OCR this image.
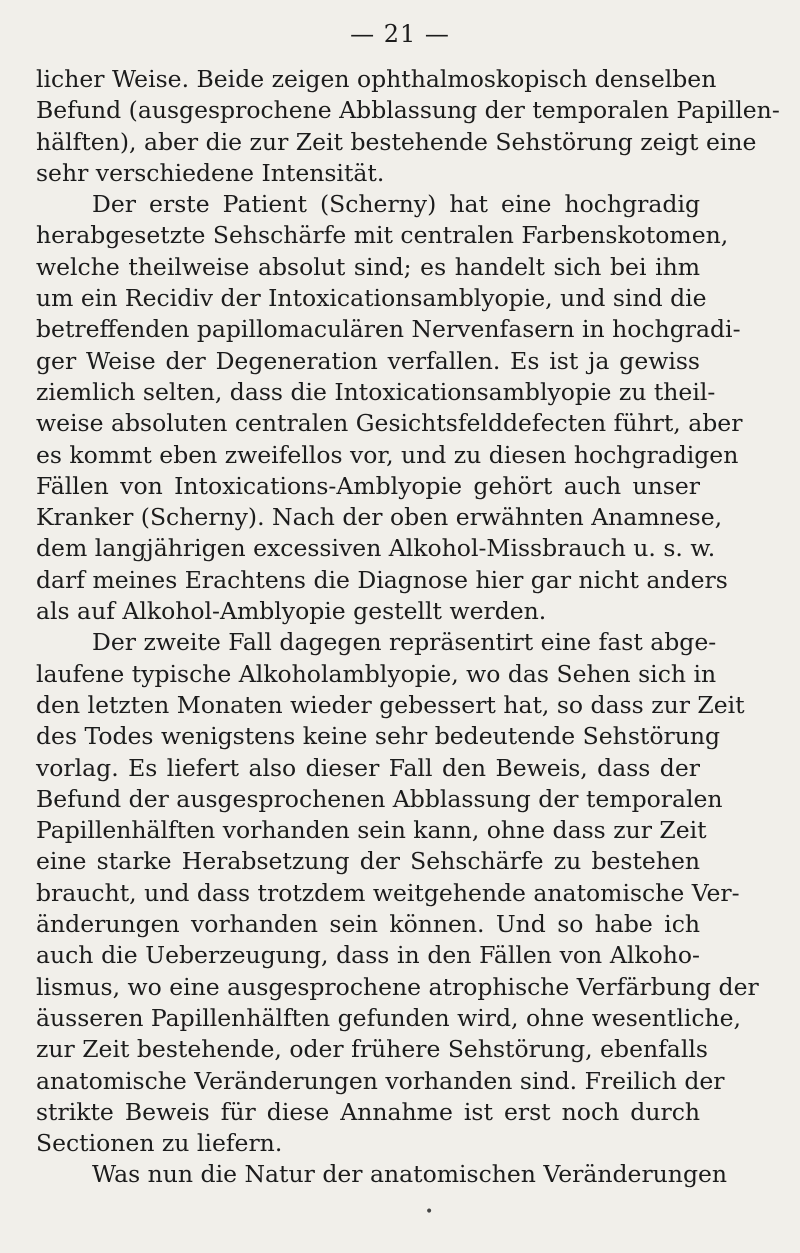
— 21 —
licher Weise. Beide zeigen ophthalmoskopisch denselben
Befund (ausgesprochene Abblassung der temporalen Papillen-
hälften), aber die zur Zeit bestehende Sehstörung zeigt eine
sehr verschiedene Intensität.
Der erste Patient (Scherny) hat eine hochgradig
herabgesetzte Sehschärfe mit centralen Farbenskotomen,
welche theilweise absolut sind; es handelt sich bei ihm
um ein Recidiv der Intoxicationsamblyopie, und sind die
betreffenden papillomaculären Nervenfasern in hochgradi-
ger Weise der Degeneration verfallen. Es ist ja gewiss
ziemlich selten, dass die Intoxicationsamblyopie zu theil-
weise absoluten centralen Gesichtsfelddefecten führt, aber
es kommt eben zweifellos vor, und zu diesen hochgradigen
Fällen von Intoxications-Amblyopie gehört auch unser
Kranker (Scherny). Nach der oben erwähnten Anamnese,
dem langjährigen excessiven Alkohol-Missbrauch u. s. w.
darf meines Erachtens die Diagnose hier gar nicht anders
als auf Alkohol-Amblyopie gestellt werden.
Der zweite Fall dagegen repräsentirt eine fast abge-
laufene typische Alkoholamblyopie, wo das Sehen sich in
den letzten Monaten wieder gebessert hat, so dass zur Zeit
des Todes wenigstens keine sehr bedeutende Sehstörung
vorlag. Es liefert also dieser Fall den Beweis, dass der
Befund der ausgesprochenen Abblassung der temporalen
Papillenhälften vorhanden sein kann, ohne dass zur Zeit
eine starke Herabsetzung der Sehschärfe zu bestehen
braucht, und dass trotzdem weitgehende anatomische Ver-
änderungen vorhanden sein können. Und so habe ich
auch die Ueberzeugung, dass in den Fällen von Alkoho-
lismus, wo eine ausgesprochene atrophische Verfärbung der
äusseren Papillenhälften gefunden wird, ohne wesentliche,
zur Zeit bestehende, oder frühere Sehstörung, ebenfalls
anatomische Veränderungen vorhanden sind. Freilich der
strikte Beweis für diese Annahme ist erst noch durch
Sectionen zu liefern.
Was nun die Natur der anatomischen Veränderungen
•
